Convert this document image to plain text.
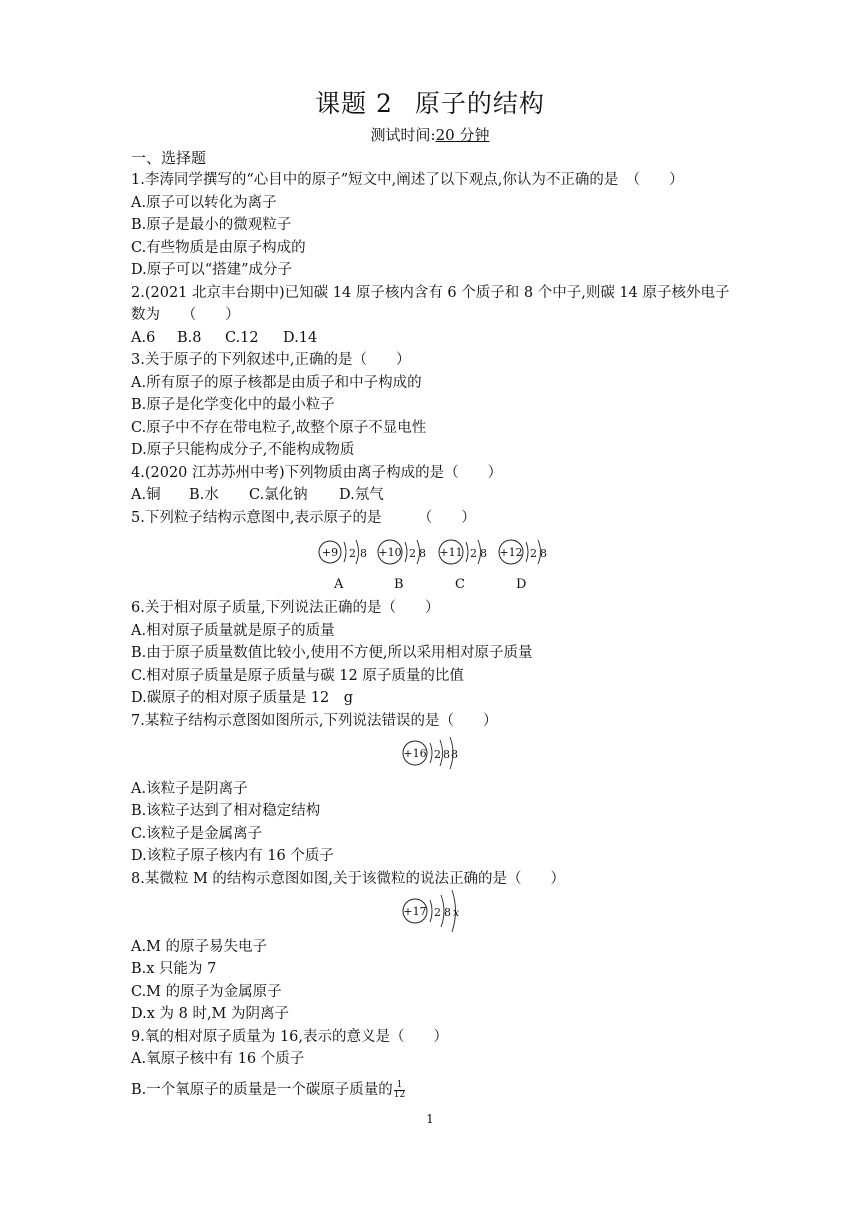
课题 2 原子的结构
测试时间:20 分钟
一、选择题
1.李涛同学撰写的“心目中的原子”短文中,阐述了以下观点,你认为不正确的是　（　　）
A.原子可以转化为离子
B.原子是最小的微观粒子
C.有些物质是由原子构成的
D.原子可以“搭建”成分子
2.(2021 北京丰台期中)已知碳 14 原子核内含有 6 个质子和 8 个中子,则碳 14 原子核外电子
数为　　（　　）
A.6 B.8 C.12 D.14
3.关于原子的下列叙述中,正确的是（　　）
A.所有原子的原子核都是由质子和中子构成的
B.原子是化学变化中的最小粒子
C.原子中不存在带电粒子,故整个原子不显电性
D.原子只能构成分子,不能构成物质
4.(2020 江苏苏州中考)下列物质由离子构成的是（　　）
A.铜 B.水 C.氯化钠 D.氖气
5.下列粒子结构示意图中,表示原子的是　　　（　　）
+9 2 8 +10 2 8 +11 2 8 +12 2 8
A	B	C	D
6.关于相对原子质量,下列说法正确的是（　　）
A.相对原子质量就是原子的质量
B.由于原子质量数值比较小,使用不方便,所以采用相对原子质量
C.相对原子质量是原子质量与碳 12 原子质量的比值
D.碳原子的相对原子质量是 12　g
7.某粒子结构示意图如图所示,下列说法错误的是（　　）
+16 2 8 8
A.该粒子是阴离子
B.该粒子达到了相对稳定结构
C.该粒子是金属离子
D.该粒子原子核内有 16 个质子
8.某微粒 M 的结构示意图如图,关于该微粒的说法正确的是（　　）
+17 2 8 x
A.M 的原子易失电子
B.x 只能为 7
C.M 的原子为金属原子
D.x 为 8 时,M 为阴离子
9.氧的相对原子质量为 16,表示的意义是（　　）
A.氧原子核中有 16 个质子
B.一个氧原子的质量是一个碳原子质量的 $\frac{1}{12}$
1
